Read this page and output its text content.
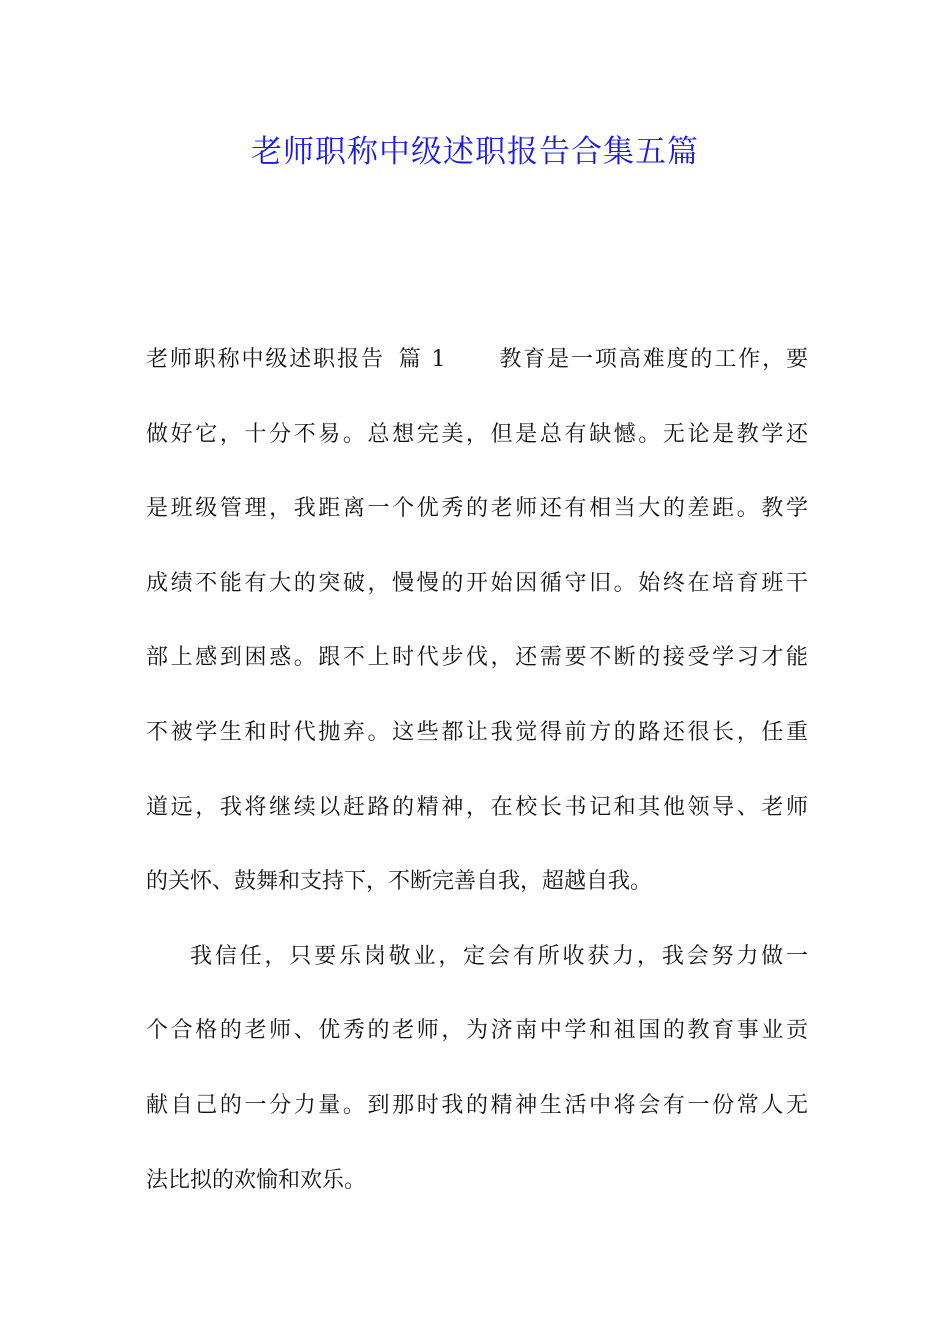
老师职称中级述职报告合集五篇
老师职称中级述职报告 篇 1 教育是一项高难度的工作，要
做好它，十分不易。总想完美，但是总有缺憾。无论是教学还
是班级管理，我距离一个优秀的老师还有相当大的差距。教学
成绩不能有大的突破，慢慢的开始因循守旧。始终在培育班干
部上感到困惑。跟不上时代步伐，还需要不断的接受学习才能
不被学生和时代抛弃。这些都让我觉得前方的路还很长，任重
道远，我将继续以赶路的精神，在校长书记和其他领导、老师
的关怀、鼓舞和支持下，不断完善自我，超越自我。
我信任，只要乐岗敬业，定会有所收获力，我会努力做一
个合格的老师、优秀的老师，为济南中学和祖国的教育事业贡
献自己的一分力量。到那时我的精神生活中将会有一份常人无
法比拟的欢愉和欢乐。
